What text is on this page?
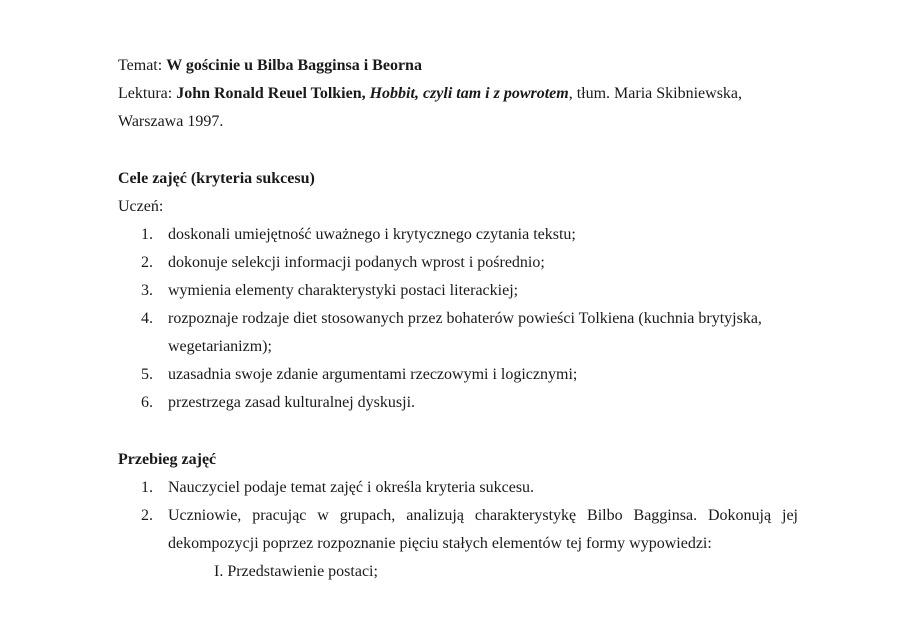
Temat: W gościnie u Bilba Bagginsa i Beorna
Lektura: John Ronald Reuel Tolkien, Hobbit, czyli tam i z powrotem, tłum. Maria Skibniewska,
Warszawa 1997.
Cele zajęć (kryteria sukcesu)
Uczeń:
1. doskonali umiejętność uważnego i krytycznego czytania tekstu;
2. dokonuje selekcji informacji podanych wprost i pośrednio;
3. wymienia elementy charakterystyki postaci literackiej;
4. rozpoznaje rodzaje diet stosowanych przez bohaterów powieści Tolkiena (kuchnia brytyjska, wegetarianizm);
5. uzasadnia swoje zdanie argumentami rzeczowymi i logicznymi;
6. przestrzega zasad kulturalnej dyskusji.
Przebieg zajęć
1. Nauczyciel podaje temat zajęć i określa kryteria sukcesu.
2. Uczniowie, pracując w grupach, analizują charakterystykę Bilbo Bagginsa. Dokonują jej dekompozycji poprzez rozpoznanie pięciu stałych elementów tej formy wypowiedzi:
I. Przedstawienie postaci;
